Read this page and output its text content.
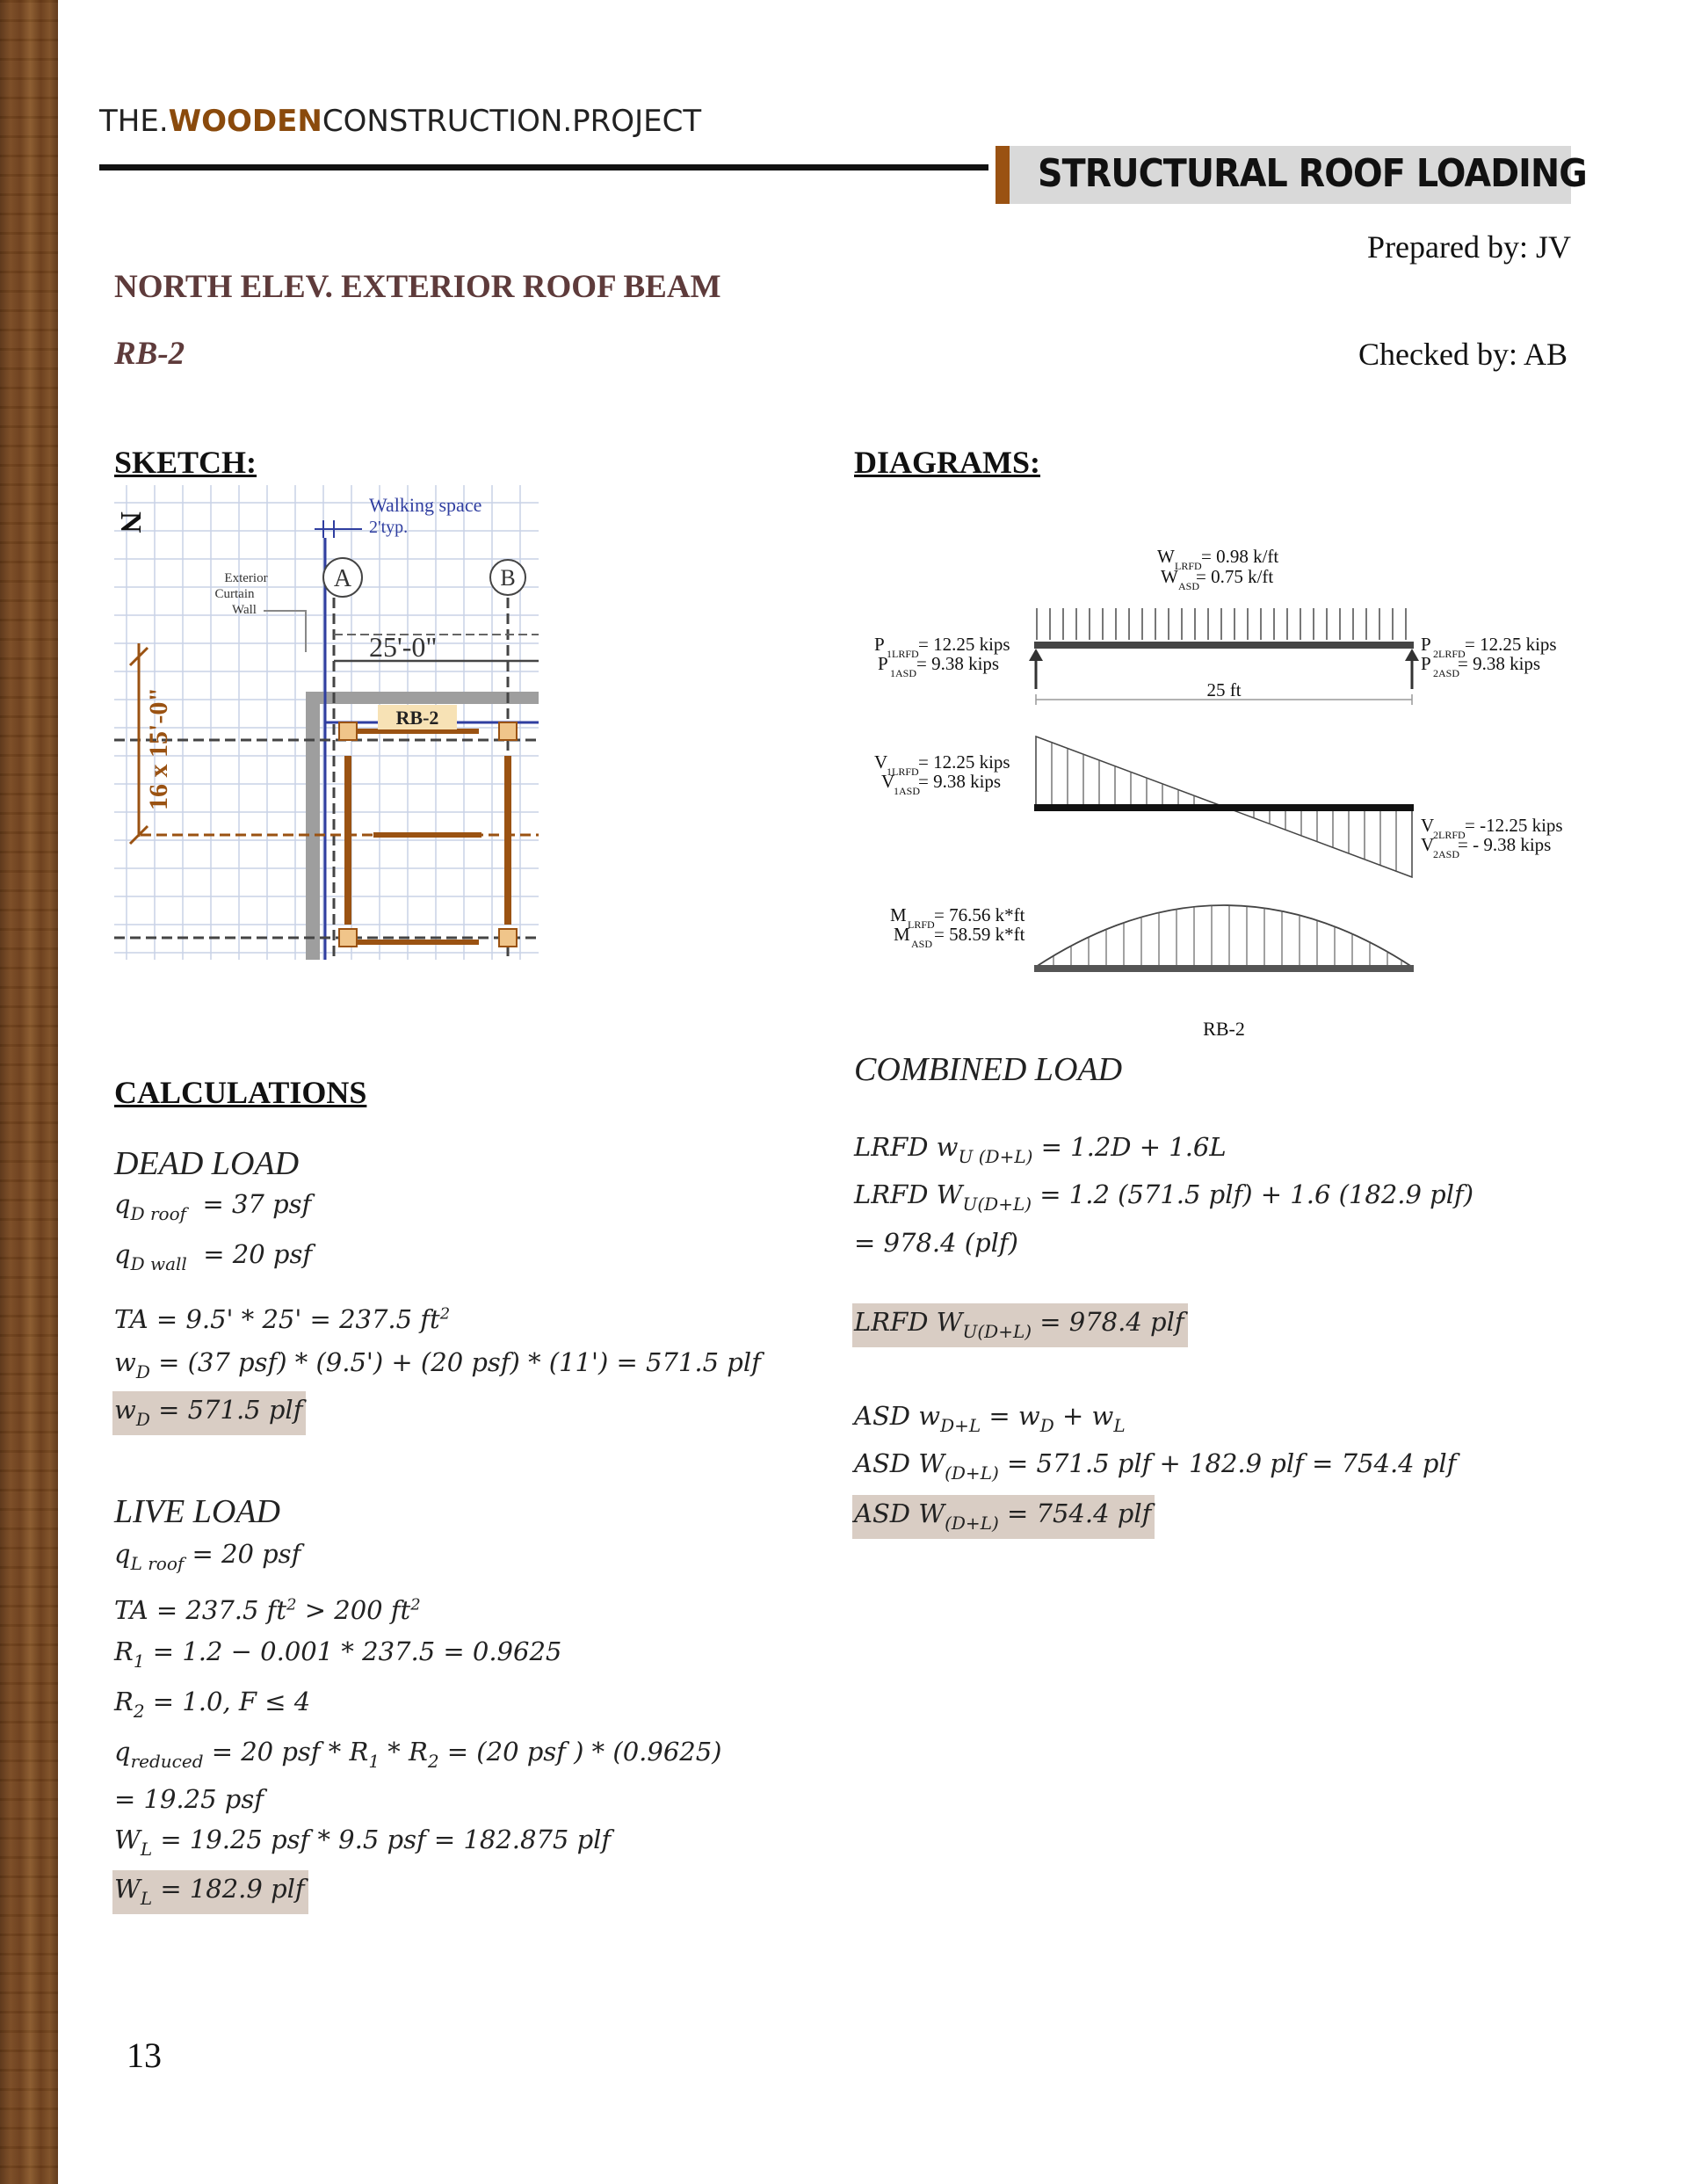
THE.WOODENCONSTRUCTION.PROJECT
STRUCTURAL ROOF LOADING
Prepared by: JV
Checked by: AB
NORTH ELEV. EXTERIOR ROOF BEAM
RB-2
SKETCH:	DIAGRAMS:
RB-2
25'-0"
A	B
Walking space
2'typ.
Exterior
Curtain
Wall
16 x 15'-0"
N
W LRFD = 0.98 k/ft
W ASD
= 0.75 k/ft
P 1LRFD = 12.25 kips
P 1ASD = 9.38 kips
P 2LRFD = 12.25 kips
P 2ASD
= 9.38 kips
25 ft
V
1LRFD = 12.25 kips
V
1ASD
= 9.38 kips
V
2LRFD = -12.25 kips
V
2ASD
= - 9.38 kips
M LRFD = 76.56 k*ft
M ASD = 58.59 k*ft
RB-2
CALCULATIONS
DEAD LOAD
$q_{D roof} = 37$ psf
$q_{D wall} = 20$ psf
TA = 9.5' * 25' = 237.5 $ft^2$
$w_D = (37$ psf) * (9.5') + (20 psf) * (11') = 571.5 plf
$w_D = 571.5$ plf
LIVE LOAD
$q_{L roof} = 20$ psf
TA = 237.5 $ft^2 > 200$ $ft^2$
$R_1 = 1.2 - 0.001 * 237.5 = 0.9625$
$R_2 = 1.0$, F ≤ 4
$q_{reduced} = 20$ psf * $R_1 * R_2 = (20$ psf ) * (0.9625)
= 19.25 psf
$W_L = 19.25$ psf * 9.5 psf = 182.875 plf
$W_L = 182.9$ plf
COMBINED LOAD
LRFD $w_{U (D+L)} = 1.2D + 1.6L$
LRFD $W_{U(D+L)} = 1.2$ (571.5 plf) + 1.6 (182.9 plf)
= 978.4 (plf)
LRFD $W_{U(D+L)} = 978.4$ plf
ASD $w_{D+L} = w_D + w_L$
ASD $W_{(D+L)} = 571.5$ plf + 182.9 plf = 754.4 plf
ASD $W_{(D+L)} = 754.4$ plf
13
